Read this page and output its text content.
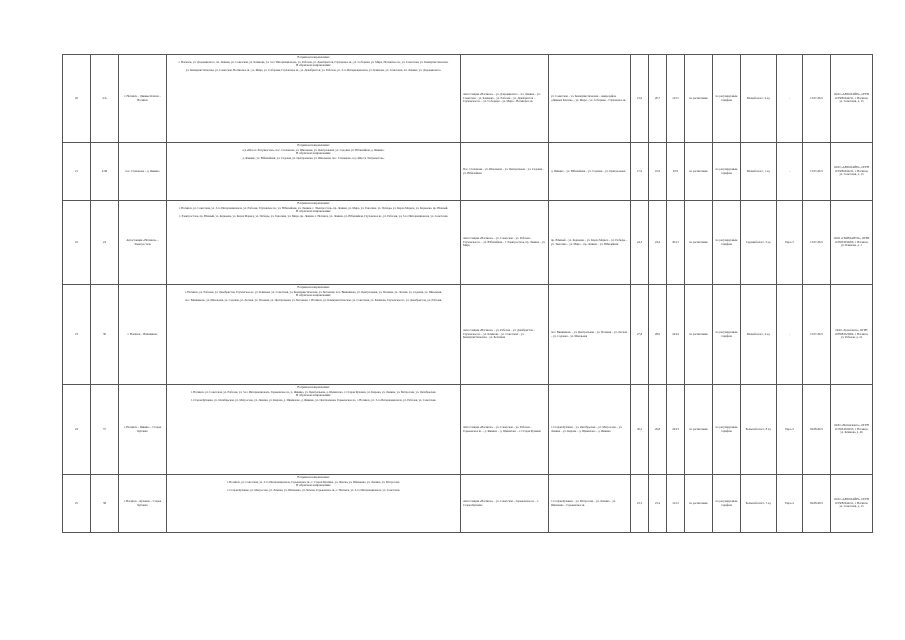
20	2/А	г. Ногинск – Дивные Ключи – Ногинск	В прямом направлении:
г. Ногинск, ул. Дзержинского, пл. Ленина, ул. Советская, ул. Климова, ул. 3-го Интернационала, ул. Рабочая, ул. Декабристов, Глуховское ш., ул. Соборная, ул. Мира, Ногинское ш., ул. Советская, ул. Коммунистическая.
В обратном направлении:
ул. Коммунистическая, ул. Советская, Ногинское ш., ул. Мира, ул. Соборная, Глуховское ш., ул. Декабристов, ул. Рабочая, ул. 3-го Интернационала, ул. Климова, ул. Советская, пл. Ленина, ул. Дзержинского.	Автостанция «Ногинск» – ул. Дзержинского – пл. Ленина – ул. Советская – ул. Климова – ул. Рабочая – ул. Декабристов – Глуховское ш. – ул. Соборная – ул. Мира – Ногинское ш.	ул. Советская – ул. Коммунистическая – микрорайон «Дивные Ключи» – ул. Мира – ул. Соборная – Глуховское ш.	21,6	20,7	12/15	по расписанию	по регулируемым тарифам	Малый класс, 4 ед.	-	13.07.2021	ООО «АВТОЛАЙН», ОГРН 1195081044211, г. Ногинск, ул. Советская, д. 13
21	21М	пос. Степанова – д. Ямкино	В прямом направлении:
а/д «Шоссе Энтузиастов», пос. Степанова, ул. Школьная, ул. Центральная, ул. Садовая, ул. Юбилейная, д. Ямкино.
В обратном направлении:
д. Ямкино, ул. Юбилейная, ул. Садовая, ул. Центральная, ул. Школьная, пос. Степанова, а/д «Шоссе Энтузиастов».	Пос. Степанова – ул. Школьная – ул. Центральная – ул. Садовая – ул. Юбилейная	д. Ямкино – ул. Юбилейная – ул. Садовая – ул. Центральная	17,9	16,6	9/10	по расписанию	по регулируемым тарифам	Малый класс, 1 ед.	-	13.07.2021	ООО «АВТОЛАЙН», ОГРН 1195081044211, г. Ногинск, ул. Советская, д. 13
22	24	Автостанция «Ногинск» – Электросталь	В прямом направлении:
г. Ногинск, ул. Советская, ул. 3-го Интернационала, ул. Рабочая, Глуховское ш., ул. Юбилейная, ул. Ленина, г. Электросталь, пр. Ленина, ул. Мира, ул. Тевосяна, ул. Победы, ул. Карла Маркса, ул. Корнеева, пр. Южный.
В обратном направлении:
г. Электросталь, пр. Южный, ул. Корнеева, ул. Карла Маркса, ул. Победы, ул. Тевосяна, ул. Мира, пр. Ленина, г. Ногинск, ул. Ленина, ул. Юбилейная, Глуховское ш., ул. Рабочая, ул. 3-го Интернационала, ул. Советская.	Автостанция «Ногинск» – ул. Советская – ул. Рабочая – Глуховское ш. – ул. Юбилейная – г. Электросталь, пр. Ленина – ул. Мира	пр. Южный – ул. Корнеева – ул. Карла Маркса – ул. Победы – ул. Тевосяна – ул. Мира – пр. Ленина – ул. Юбилейная	24,3	24,4	20/21	по расписанию	по регулируемым тарифам	Средний класс, 5 ед.	Евро-3	13.07.2021	ООО «ГРАНДАВТО», ОГРН 1165031056200, г. Ногинск, ул. Климова, д. 1
23	36	г. Ногинск – Вишняково	В прямом направлении:
г. Ногинск, ул. Рабочая, ул. Декабристов, Глуховское ш., ул. Климова, ул. Советская, ул. Коммунистическая, ул. Бетонная, пос. Вишняково, ул. Центральная, ул. Полевая, ул. Лесная, ул. Садовая, ул. Школьная.
В обратном направлении:
пос. Вишняково, ул. Школьная, ул. Садовая, ул. Лесная, ул. Полевая, ул. Центральная, ул. Бетонная, г. Ногинск, ул. Коммунистическая, ул. Советская, ул. Климова, Глуховское ш., ул. Декабристов, ул. Рабочая.	Автостанция «Ногинск» – ул. Рабочая – ул. Декабристов – Глуховское ш. – ул. Климова – ул. Советская – ул. Коммунистическая – ул. Бетонная	пос. Вишняково – ул. Центральная – ул. Полевая – ул. Лесная – ул. Садовая – ул. Школьная	27,8	28,0	24/24	по расписанию	по регулируемым тарифам	Малый класс, 4 ед.	-	13.07.2021	ООО «ТрансАвто», ОГРН 1185081023004, г. Ногинск, ул. Рабочая, д. 12
24	37	г. Ногинск – Ямкино – Старая Купавна	В прямом направлении:
г. Ногинск, ул. Советская, ул. Рабочая, ул. 3-го Интернационала, Горьковское ш., д. Ямкино, ул. Центральная, д. Щемилово, г. Старая Купавна, ул. Кирова, ул. Ленина, ул. Матросова, ул. Октябрьская.
В обратном направлении:
г. Старая Купавна, ул. Октябрьская, ул. Матросова, ул. Ленина, ул. Кирова, д. Щемилово, д. Ямкино, ул. Центральная, Горьковское ш., г. Ногинск, ул. 3-го Интернационала, ул. Рабочая, ул. Советская.	Автостанция «Ногинск» – ул. Советская – ул. Рабочая – Горьковское ш. – д. Ямкино – д. Щемилово – г. Старая Купавна	г. Старая Купавна – ул. Октябрьская – ул. Матросова – ул. Ленина – ул. Кирова – д. Щемилово – д. Ямкино	30,2	29,8	24/23	по расписанию	по регулируемым тарифам	Большой класс, 8 ед.	Евро-4	04.08.2021	ООО «Ногинскавто», ОГРН 1155031002015, г. Ногинск, ул. Климова, д. 46
25	38	г. Ногинск – Купавна – Старая Купавна	В прямом направлении:
г. Ногинск, ул. Советская, ул. 3-го Интернационала, Горьковское ш., г. Старая Купавна, ул. Чехова, ул. Шевченко, ул. Ленина, ул. Матросова.
В обратном направлении:
г. Старая Купавна, ул. Матросова, ул. Ленина, ул. Шевченко, ул. Чехова, Горьковское ш., г. Ногинск, ул. 3-го Интернационала, ул. Советская.	Автостанция «Ногинск» – ул. Советская – Горьковское ш. – г. Старая Купавна	г. Старая Купавна – ул. Матросова – ул. Ленина – ул. Шевченко – Горьковское ш.	23,3	23,4	12/12	по расписанию	по регулируемым тарифам	Большой класс, 7 ед.	Евро-4	04.08.2021	ООО «АВТОЛАЙН», ОГРН 1195081044211, г. Ногинск, ул. Советская, д. 13
